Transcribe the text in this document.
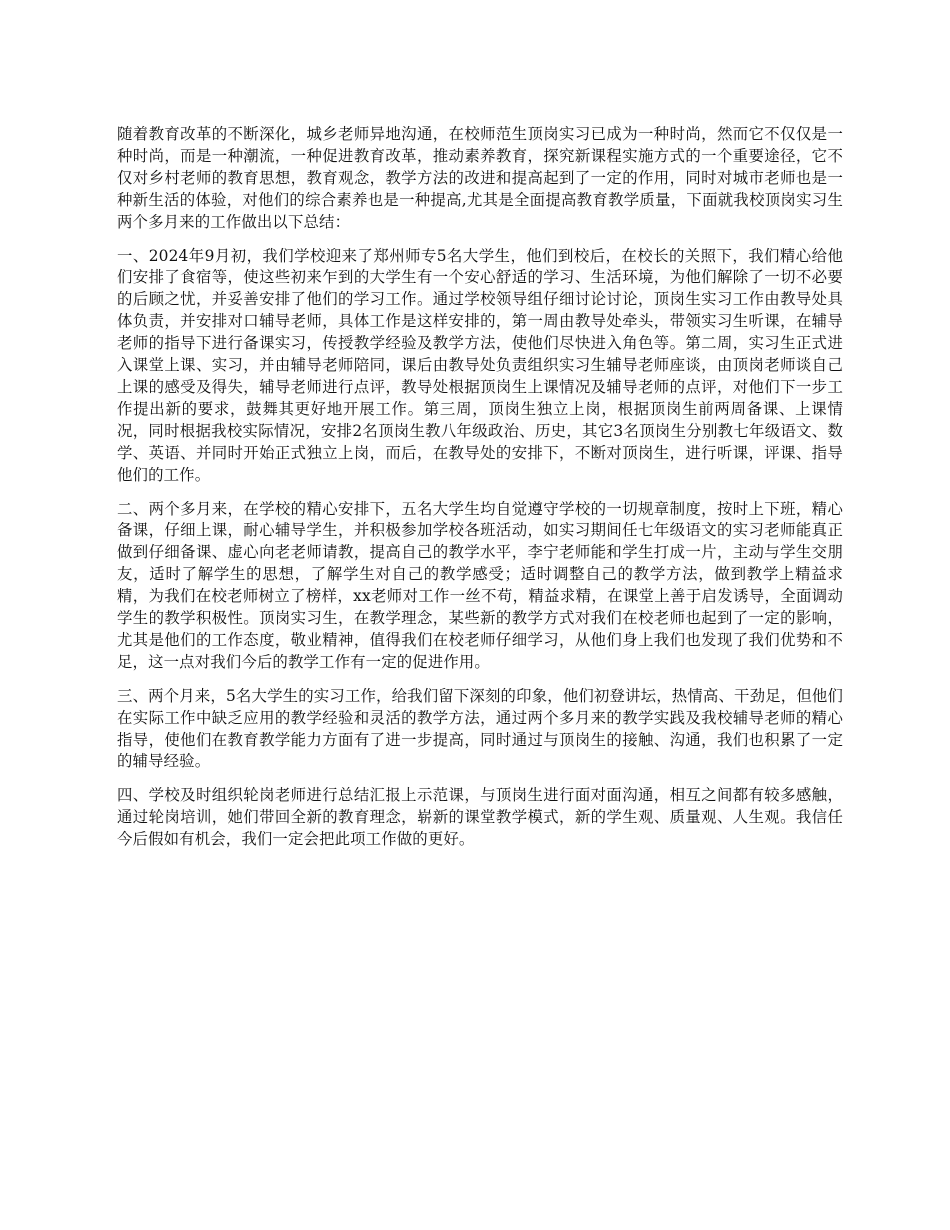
随着教育改革的不断深化，城乡老师异地沟通，在校师范生顶岗实习已成为一种时尚，然而它不仅仅是一种时尚，而是一种潮流，一种促进教育改革，推动素养教育，探究新课程实施方式的一个重要途径，它不仅对乡村老师的教育思想，教育观念，教学方法的改进和提高起到了一定的作用，同时对城市老师也是一种新生活的体验，对他们的综合素养也是一种提高,尤其是全面提高教育教学质量，下面就我校顶岗实习生两个多月来的工作做出以下总结：

一、2024年9月初，我们学校迎来了郑州师专5名大学生，他们到校后，在校长的关照下，我们精心给他们安排了食宿等，使这些初来乍到的大学生有一个安心舒适的学习、生活环境，为他们解除了一切不必要的后顾之忧，并妥善安排了他们的学习工作。通过学校领导组仔细讨论讨论，顶岗生实习工作由教导处具体负责，并安排对口辅导老师，具体工作是这样安排的，第一周由教导处牵头，带领实习生听课，在辅导老师的指导下进行备课实习，传授教学经验及教学方法，使他们尽快进入角色等。第二周，实习生正式进入课堂上课、实习，并由辅导老师陪同，课后由教导处负责组织实习生辅导老师座谈，由顶岗老师谈自己上课的感受及得失，辅导老师进行点评，教导处根据顶岗生上课情况及辅导老师的点评，对他们下一步工作提出新的要求，鼓舞其更好地开展工作。第三周，顶岗生独立上岗，根据顶岗生前两周备课、上课情况，同时根据我校实际情况，安排2名顶岗生教八年级政治、历史，其它3名顶岗生分别教七年级语文、数学、英语、并同时开始正式独立上岗，而后，在教导处的安排下，不断对顶岗生，进行听课，评课、指导他们的工作。

二、两个多月来，在学校的精心安排下，五名大学生均自觉遵守学校的一切规章制度，按时上下班，精心备课，仔细上课，耐心辅导学生，并积极参加学校各班活动，如实习期间任七年级语文的实习老师能真正做到仔细备课、虚心向老老师请教，提高自己的教学水平，李宁老师能和学生打成一片，主动与学生交朋友，适时了解学生的思想，了解学生对自己的教学感受；适时调整自己的教学方法，做到教学上精益求精，为我们在校老师树立了榜样，xx老师对工作一丝不苟，精益求精，在课堂上善于启发诱导，全面调动学生的教学积极性。顶岗实习生，在教学理念，某些新的教学方式对我们在校老师也起到了一定的影响，尤其是他们的工作态度，敬业精神，值得我们在校老师仔细学习，从他们身上我们也发现了我们优势和不足，这一点对我们今后的教学工作有一定的促进作用。

三、两个月来，5名大学生的实习工作，给我们留下深刻的印象，他们初登讲坛，热情高、干劲足，但他们在实际工作中缺乏应用的教学经验和灵活的教学方法，通过两个多月来的教学实践及我校辅导老师的精心指导，使他们在教育教学能力方面有了进一步提高，同时通过与顶岗生的接触、沟通，我们也积累了一定的辅导经验。

四、学校及时组织轮岗老师进行总结汇报上示范课，与顶岗生进行面对面沟通，相互之间都有较多感触，通过轮岗培训，她们带回全新的教育理念，崭新的课堂教学模式，新的学生观、质量观、人生观。我信任今后假如有机会，我们一定会把此项工作做的更好。
